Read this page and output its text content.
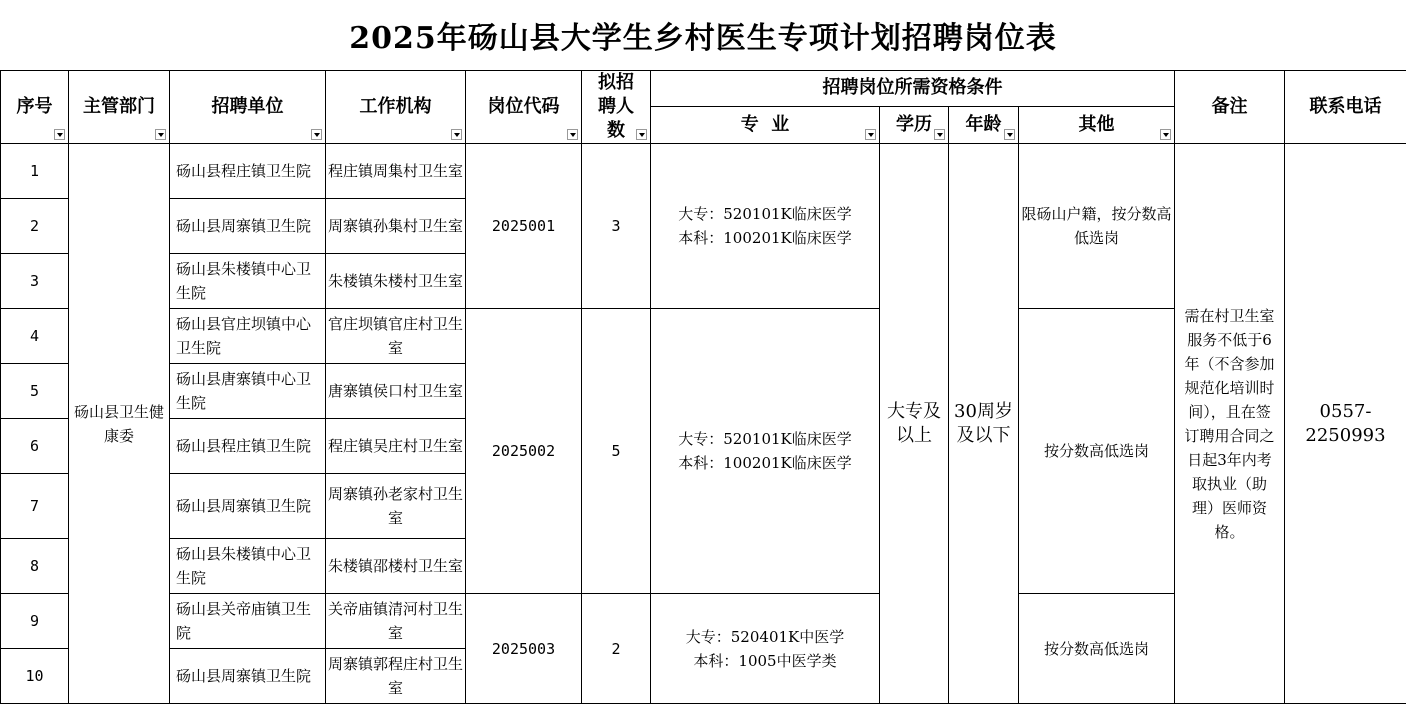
2025年砀山县大学生乡村医生专项计划招聘岗位表
序号	主管部门	招聘单位	工作机构	岗位代码	拟招聘人数	招聘岗位所需资格条件				备注	联系电话
						专  业	学历	年龄	其他		

1	砀山县卫生健康委	砀山县程庄镇卫生院	程庄镇周集村卫生室	2025001	3	大专：520101K临床医学
本科：100201K临床医学	大专及以上	30周岁及以下	限砀山户籍，按分数高低选岗	需在村卫生室服务不低于6年（不含参加规范化培训时间），且在签订聘用合同之日起3年内考取执业（助理）医师资格。	0557-2250993
2		砀山县周寨镇卫生院	周寨镇孙集村卫生室								
3		砀山县朱楼镇中心卫生院	朱楼镇朱楼村卫生室								
4		砀山县官庄坝镇中心卫生院	官庄坝镇官庄村卫生室	2025002	5	大专：520101K临床医学
本科：100201K临床医学			按分数高低选岗		
5		砀山县唐寨镇中心卫生院	唐寨镇侯口村卫生室								
6		砀山县程庄镇卫生院	程庄镇吴庄村卫生室								
7		砀山县周寨镇卫生院	周寨镇孙老家村卫生室								
8		砀山县朱楼镇中心卫生院	朱楼镇邵楼村卫生室								
9		砀山县关帝庙镇卫生院	关帝庙镇清河村卫生室	2025003	2	大专：520401K中医学
本科：1005中医学类			按分数高低选岗		
10		砀山县周寨镇卫生院	周寨镇郭程庄村卫生室								
